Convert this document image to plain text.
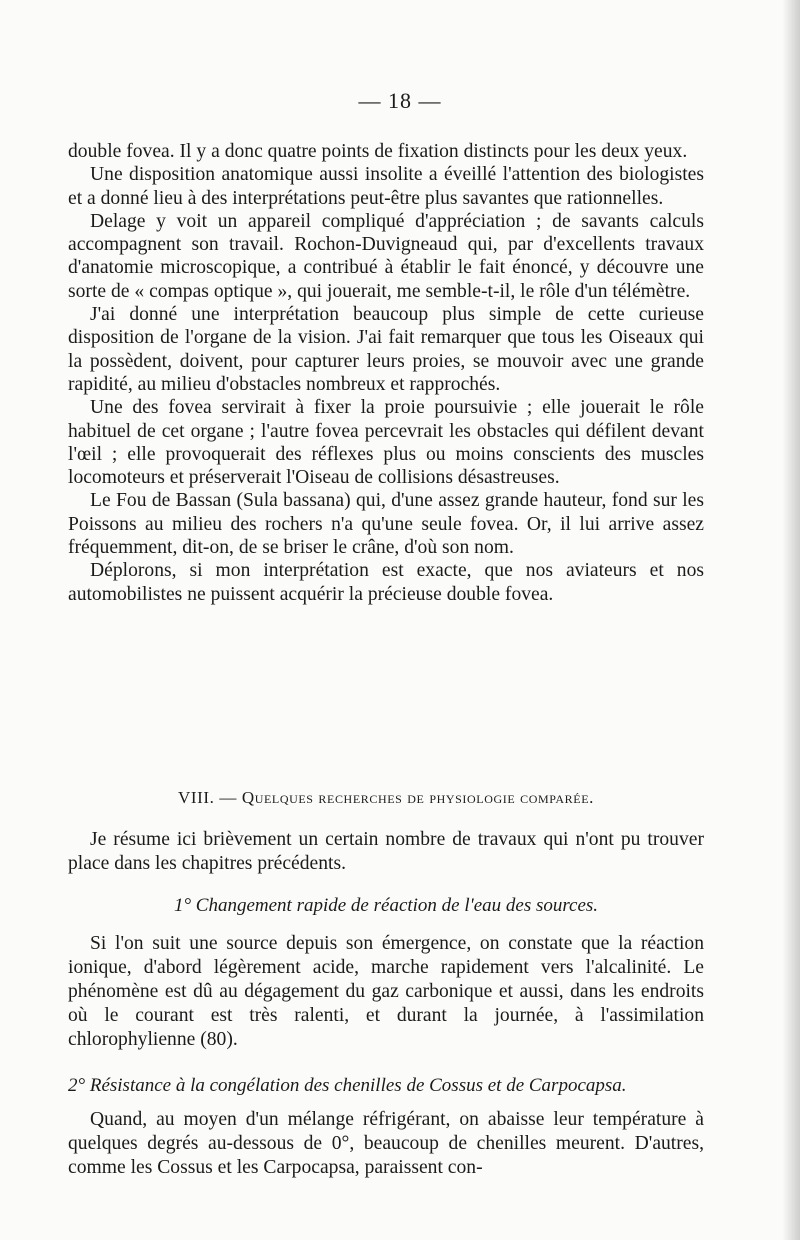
— 18 —

double fovea. Il y a donc quatre points de fixation distincts pour les deux yeux.

Une disposition anatomique aussi insolite a éveillé l'attention des biologistes et a donné lieu à des interprétations peut-être plus savantes que rationnelles.

Delage y voit un appareil compliqué d'appréciation ; de savants calculs accompagnent son travail. Rochon-Duvigneaud qui, par d'excellents travaux d'anatomie microscopique, a contribué à établir le fait énoncé, y découvre une sorte de « compas optique », qui jouerait, me semble-t-il, le rôle d'un télémètre.

J'ai donné une interprétation beaucoup plus simple de cette curieuse disposition de l'organe de la vision. J'ai fait remarquer que tous les Oiseaux qui la possèdent, doivent, pour capturer leurs proies, se mouvoir avec une grande rapidité, au milieu d'obstacles nombreux et rapprochés.

Une des fovea servirait à fixer la proie poursuivie ; elle jouerait le rôle habituel de cet organe ; l'autre fovea percevrait les obstacles qui défilent devant l'œil ; elle provoquerait des réflexes plus ou moins conscients des muscles locomoteurs et préserverait l'Oiseau de collisions désastreuses.

Le Fou de Bassan (Sula bassana) qui, d'une assez grande hauteur, fond sur les Poissons au milieu des rochers n'a qu'une seule fovea. Or, il lui arrive assez fréquemment, dit-on, de se briser le crâne, d'où son nom.

Déplorons, si mon interprétation est exacte, que nos aviateurs et nos automobilistes ne puissent acquérir la précieuse double fovea.

VIII. — Quelques recherches de physiologie comparée.

Je résume ici brièvement un certain nombre de travaux qui n'ont pu trouver place dans les chapitres précédents.

1° Changement rapide de réaction de l'eau des sources.

Si l'on suit une source depuis son émergence, on constate que la réaction ionique, d'abord légèrement acide, marche rapidement vers l'alcalinité. Le phénomène est dû au dégagement du gaz carbonique et aussi, dans les endroits où le courant est très ralenti, et durant la journée, à l'assimilation chlorophylienne (80).

2° Résistance à la congélation des chenilles de Cossus et de Carpocapsa.

Quand, au moyen d'un mélange réfrigérant, on abaisse leur température à quelques degrés au-dessous de 0°, beaucoup de chenilles meurent. D'autres, comme les Cossus et les Carpocapsa, paraissent con-
